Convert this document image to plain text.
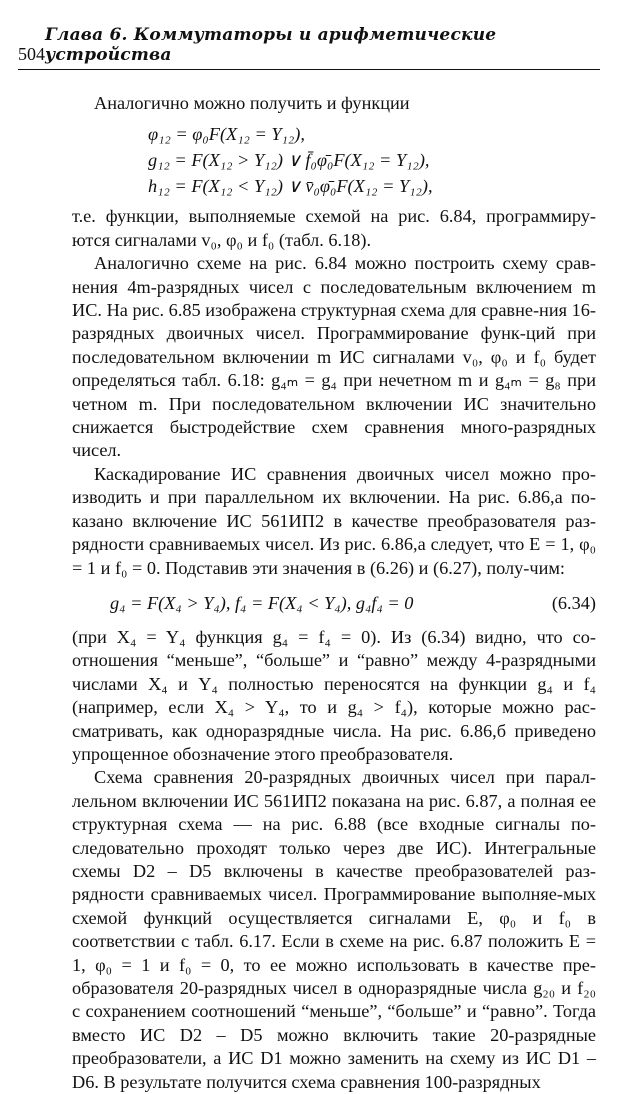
504
Глава 6. Коммутаторы и арифметические устройства

Аналогично можно получить и функции

φ₁₂ = φ₀F(X₁₂ = Y₁₂),
g₁₂ = F(X₁₂ > Y₁₂) ∨ f̄₀φ̄₀F(X₁₂ = Y₁₂),
h₁₂ = F(X₁₂ < Y₁₂) ∨ v̄₀φ̄₀F(X₁₂ = Y₁₂),

т.е. функции, выполняемые схемой на рис. 6.84, программиру-ются сигналами v₀, φ₀ и f₀ (табл. 6.18).

Аналогично схеме на рис. 6.84 можно построить схему срав-нения 4m-разрядных чисел с последовательным включением m ИС. На рис. 6.85 изображена структурная схема для сравне-ния 16-разрядных двоичных чисел. Программирование функ-ций при последовательном включении m ИС сигналами v₀, φ₀ и f₀ будет определяться табл. 6.18: g₄ₘ = g₄ при нечетном m и g₄ₘ = g₈ при четном m. При последовательном включении ИС значительно снижается быстродействие схем сравнения много-разрядных чисел.

Каскадирование ИС сравнения двоичных чисел можно про-изводить и при параллельном их включении. На рис. 6.86,а по-казано включение ИС 561ИП2 в качестве преобразователя раз-рядности сравниваемых чисел. Из рис. 6.86,а следует, что E = 1, φ₀ = 1 и f₀ = 0. Подставив эти значения в (6.26) и (6.27), полу-чим:

g₄ = F(X₄ > Y₄), f₄ = F(X₄ < Y₄), g₄f₄ = 0	(6.34)

(при X₄ = Y₄ функция g₄ = f₄ = 0). Из (6.34) видно, что со-отношения “меньше”, “больше” и “равно” между 4-разрядными числами X₄ и Y₄ полностью переносятся на функции g₄ и f₄ (например, если X₄ > Y₄, то и g₄ > f₄), которые можно рас-сматривать, как одноразрядные числа. На рис. 6.86,б приведено упрощенное обозначение этого преобразователя.

Схема сравнения 20-разрядных двоичных чисел при парал-лельном включении ИС 561ИП2 показана на рис. 6.87, а полная ее структурная схема — на рис. 6.88 (все входные сигналы по-следовательно проходят только через две ИС). Интегральные схемы D2 – D5 включены в качестве преобразователей раз-рядности сравниваемых чисел. Программирование выполняе-мых схемой функций осуществляется сигналами E, φ₀ и f₀ в соответствии с табл. 6.17. Если в схеме на рис. 6.87 положить E = 1, φ₀ = 1 и f₀ = 0, то ее можно использовать в качестве пре-образователя 20-разрядных чисел в одноразрядные числа g₂₀ и f₂₀ с сохранением соотношений “меньше”, “больше” и “равно”. Тогда вместо ИС D2 – D5 можно включить такие 20-разрядные преобразователи, а ИС D1 можно заменить на схему из ИС D1 – D6. В результате получится схема сравнения 100-разрядных
